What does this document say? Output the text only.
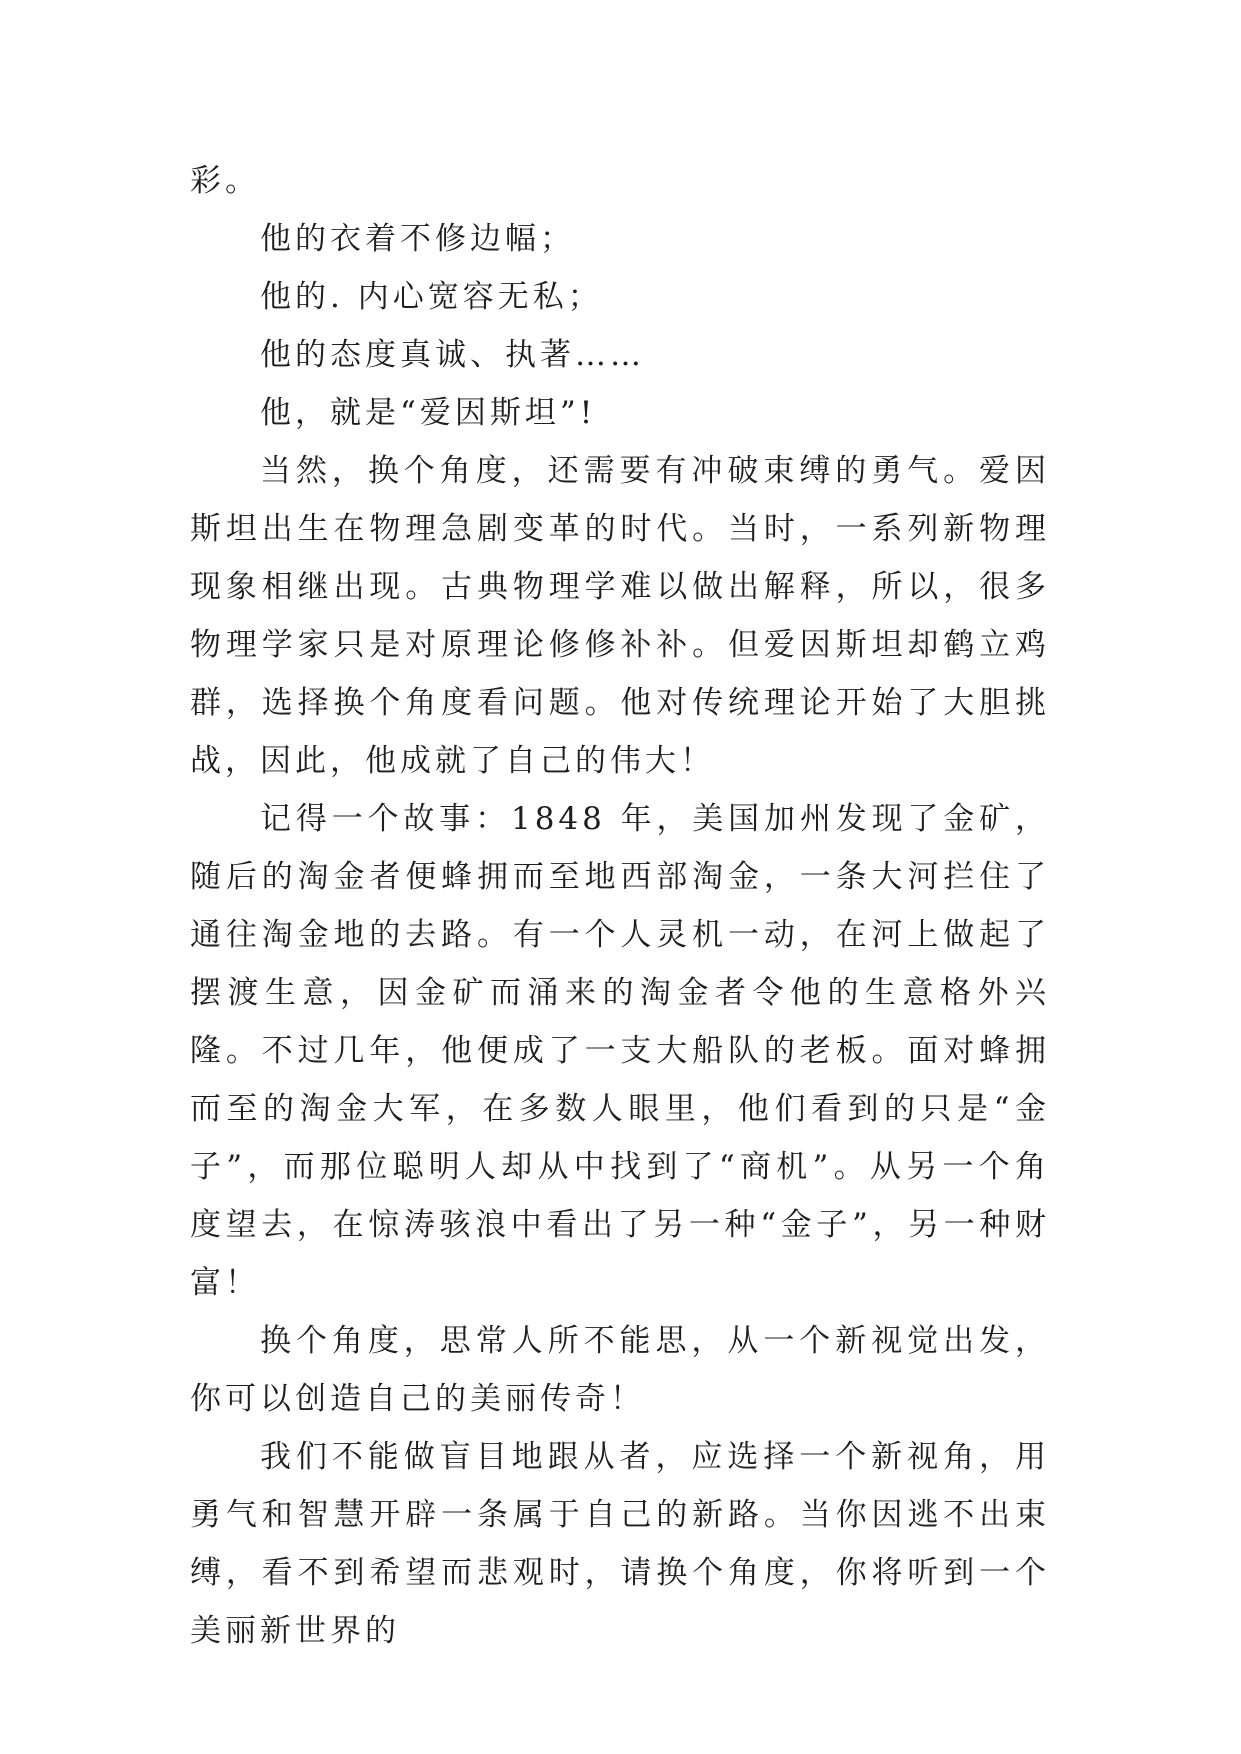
彩。

他的衣着不修边幅；

他的. 内心宽容无私；

他的态度真诚、执著……

他，就是“爱因斯坦”!

当然，换个角度，还需要有冲破束缚的勇气。爱因斯坦出生在物理急剧变革的时代。当时，一系列新物理现象相继出现。古典物理学难以做出解释，所以，很多物理学家只是对原理论修修补补。但爱因斯坦却鹤立鸡群，选择换个角度看问题。他对传统理论开始了大胆挑战，因此，他成就了自己的伟大！

记得一个故事：1848 年，美国加州发现了金矿，随后的淘金者便蜂拥而至地西部淘金，一条大河拦住了通往淘金地的去路。有一个人灵机一动，在河上做起了摆渡生意，因金矿而涌来的淘金者令他的生意格外兴隆。不过几年，他便成了一支大船队的老板。面对蜂拥而至的淘金大军，在多数人眼里，他们看到的只是“金子”，而那位聪明人却从中找到了“商机”。从另一个角度望去，在惊涛骇浪中看出了另一种“金子”，另一种财富！

换个角度，思常人所不能思，从一个新视觉出发，你可以创造自己的美丽传奇！

我们不能做盲目地跟从者，应选择一个新视角，用勇气和智慧开辟一条属于自己的新路。当你因逃不出束缚，看不到希望而悲观时，请换个角度，你将听到一个美丽新世界的
